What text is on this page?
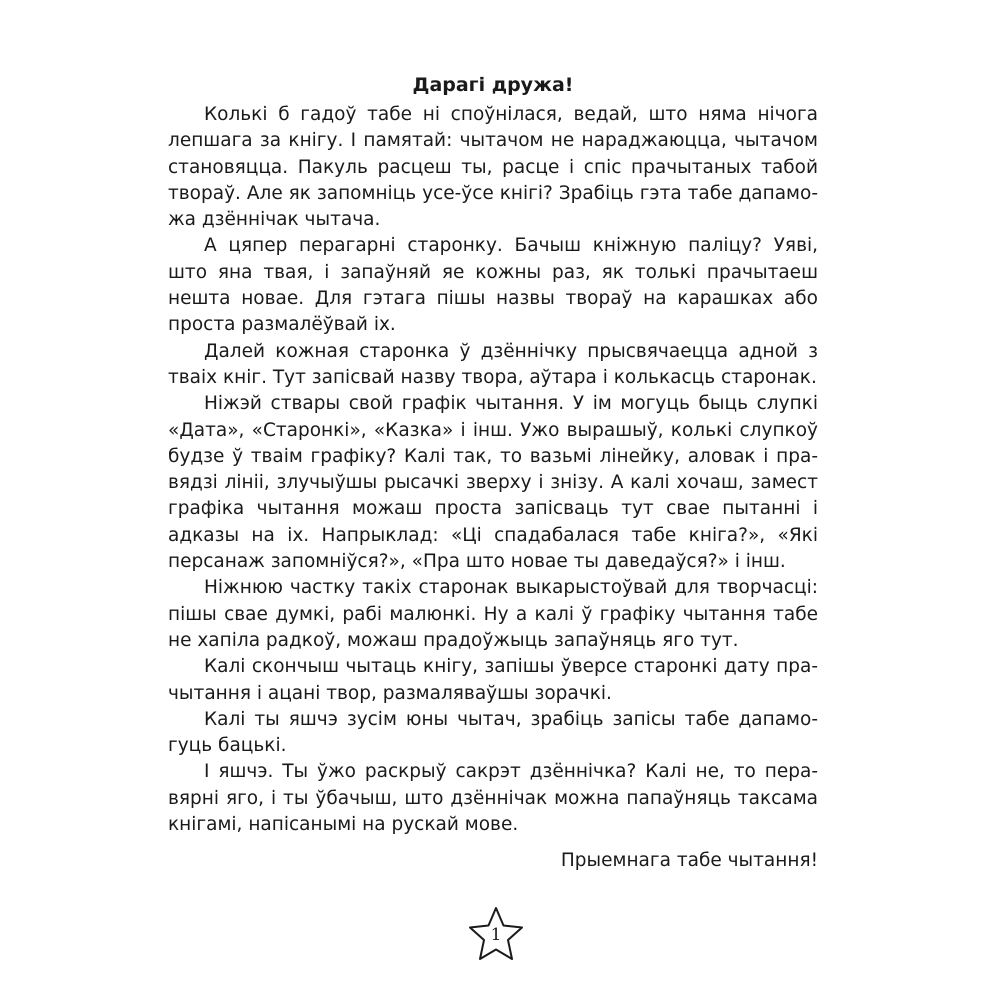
Дарагі дружа!

Колькі б гадоў табе ні споўнілася, ведай, што няма нічога лепшага за кнігу. І памятай: чытачом не нараджаюцца, чытачом становяцца. Пакуль расцеш ты, расце і спіс прачытаных табой твораў. Але як запомніць усе-ўсе кнігі? Зрабіць гэта табе дапаможа дзённічак чытача.

А цяпер перагарні старонку. Бачыш кніжную паліцу? Уяві, што яна твая, і запаўняй яе кожны раз, як толькі прачытаеш нешта новае. Для гэтага пішы назвы твораў на карашках або проста размалёўвай іх.

Далей кожная старонка ў дзённічку прысвячаецца адной з тваіх кніг. Тут запісвай назву твора, аўтара і колькасць старонак.

Ніжэй ствары свой графік чытання. У ім могуць быць слупкі «Дата», «Старонкі», «Казка» і інш. Ужо вырашыў, колькі слупкоў будзе ў тваім графіку? Калі так, то вазьмі лінейку, аловак і правядзі лініі, злучыўшы рысачкі зверху і знізу. А калі хочаш, замест графіка чытання можаш проста запісваць тут свае пытанні і адказы на іх. Напрыклад: «Ці спадабалася табе кніга?», «Які персанаж запомніўся?», «Пра што новае ты даведаўся?» і інш.

Ніжнюю частку такіх старонак выкарыстоўвай для творчасці: пішы свае думкі, рабі малюнкі. Ну а калі ў графіку чытання табе не хапіла радкоў, можаш прадоўжыць запаўняць яго тут.

Калі скончыш чытаць кнігу, запішы ўверсе старонкі дату прачытання і ацані твор, размаляваўшы зорачкі.

Калі ты яшчэ зусім юны чытач, зрабіць запісы табе дапамогуць бацькі.

І яшчэ. Ты ўжо раскрыў сакрэт дзённічка? Калі не, то перавярні яго, і ты ўбачыш, што дзённічак можна папаўняць таксама кнігамі, напісанымі на рускай мове.

Прыемнага табе чытання!

1
